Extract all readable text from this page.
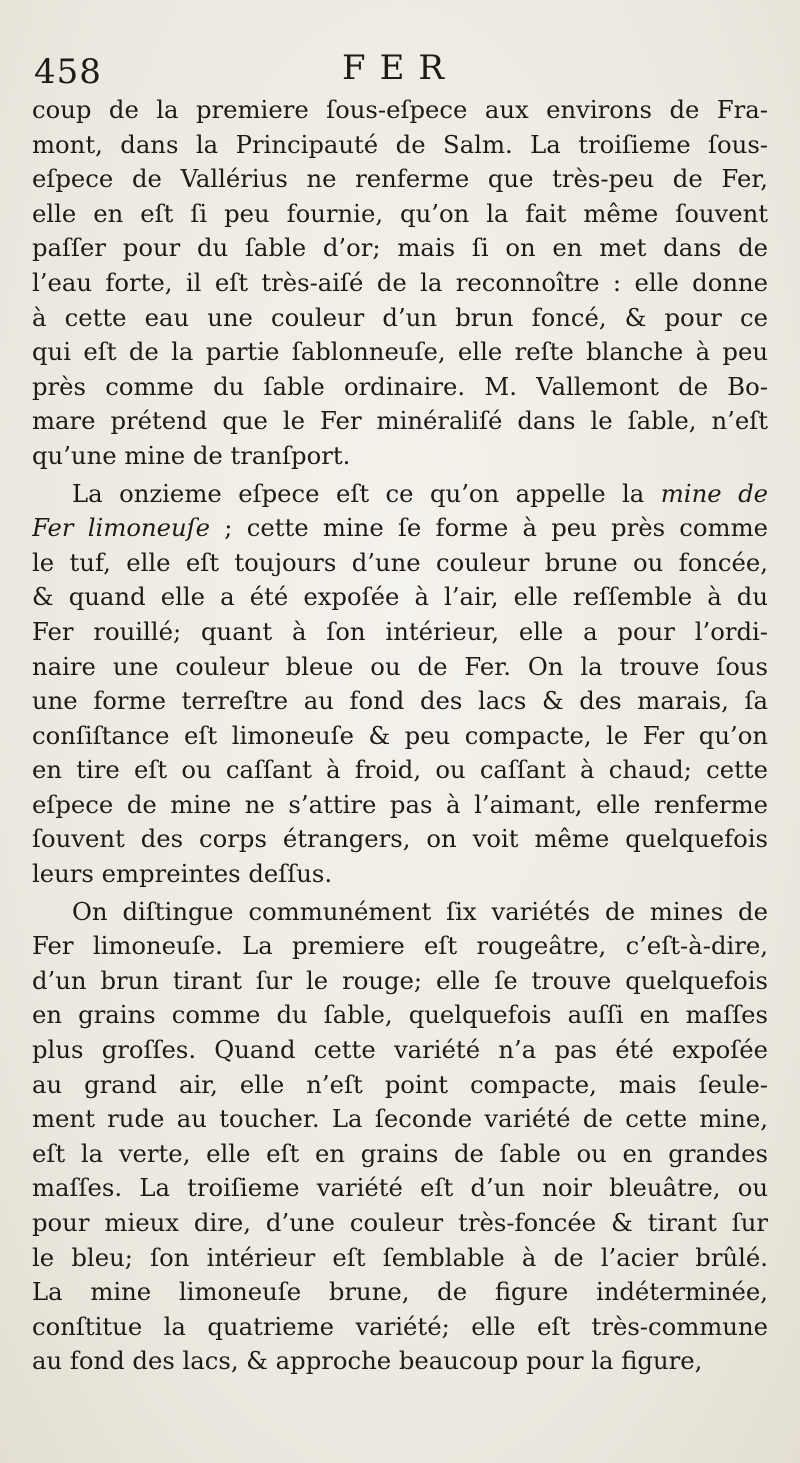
458	FER
coup de la premiere ſous-eſpece aux environs de Fra-
mont, dans la Principauté de Salm. La troiſieme ſous-
eſpece de Vallérius ne renferme que très-peu de Fer,
elle en eſt ſi peu fournie, qu’on la fait même ſouvent
paſſer pour du ſable d’or; mais ſi on en met dans de
l’eau forte, il eſt très-aiſé de la reconnoître : elle donne
à cette eau une couleur d’un brun foncé, & pour ce
qui eſt de la partie ſablonneuſe, elle reſte blanche à peu
près comme du ſable ordinaire. M. Vallemont de Bo-
mare prétend que le Fer minéraliſé dans le ſable, n’eſt
qu’une mine de tranſport.
La onzieme eſpece eſt ce qu’on appelle la mine de
Fer limoneuſe ; cette mine ſe forme à peu près comme
le tuf, elle eſt toujours d’une couleur brune ou foncée,
& quand elle a été expoſée à l’air, elle reſſemble à du
Fer rouillé; quant à ſon intérieur, elle a pour l’ordi-
naire une couleur bleue ou de Fer. On la trouve ſous
une forme terreſtre au fond des lacs & des marais, ſa
conſiſtance eſt limoneuſe & peu compacte, le Fer qu’on
en tire eſt ou caſſant à froid, ou caſſant à chaud; cette
eſpece de mine ne s’attire pas à l’aimant, elle renferme
ſouvent des corps étrangers, on voit même quelquefois
leurs empreintes deſſus.
On diſtingue communément ſix variétés de mines de
Fer limoneuſe. La premiere eſt rougeâtre, c’eſt-à-dire,
d’un brun tirant ſur le rouge; elle ſe trouve quelquefois
en grains comme du ſable, quelquefois auſſi en maſſes
plus groſſes. Quand cette variété n’a pas été expoſée
au grand air, elle n’eſt point compacte, mais ſeule-
ment rude au toucher. La ſeconde variété de cette mine,
eſt la verte, elle eſt en grains de ſable ou en grandes
maſſes. La troiſieme variété eſt d’un noir bleuâtre, ou
pour mieux dire, d’une couleur très-foncée & tirant ſur
le bleu; ſon intérieur eſt ſemblable à de l’acier brûlé.
La mine limoneuſe brune, de figure indéterminée,
conſtitue la quatrieme variété; elle eſt très-commune
au fond des lacs, & approche beaucoup pour la figure,
